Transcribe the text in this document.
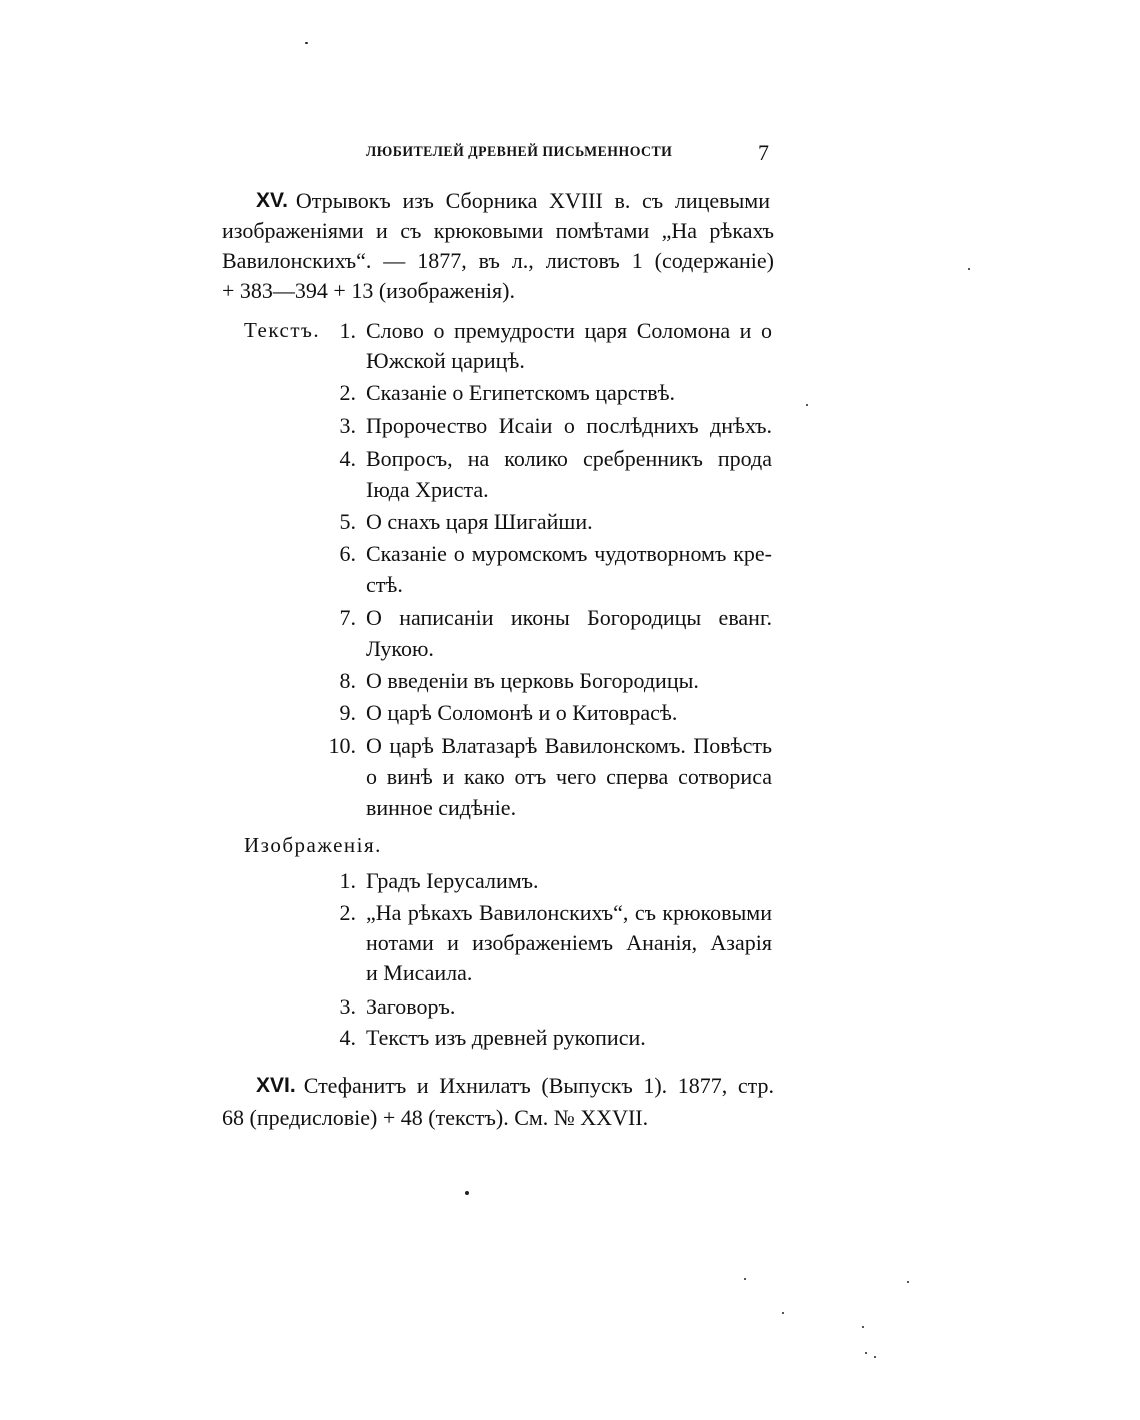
ЛЮБИТЕЛЕЙ ДРЕВНЕЙ ПИСЬМЕННОСТИ	7
XV. Отрывокъ изъ Сборника XVIII в. съ лицевыми
изображеніями и съ крюковыми помѣтами „На рѣкахъ
Вавилонскихъ“. — 1877, въ л., листовъ 1 (содержаніе)
+ 383—394 + 13 (изображенія).
Текстъ. 1. Слово о премудрости царя Соломона и о
Южской царицѣ.
2. Сказаніе о Египетскомъ царствѣ.
3. Пророчество Исаіи о послѣднихъ днѣхъ.
4. Вопросъ, на колико сребренникъ прода
Іюда Христа.
5. О снахъ царя Шигайши.
6. Сказаніе о муромскомъ чудотворномъ кре-
стѣ.
7. О написаніи иконы Богородицы еванг.
Лукою.
8. О введеніи въ церковь Богородицы.
9. О царѣ Соломонѣ и о Китоврасѣ.
10. О царѣ Влатазарѣ Вавилонскомъ. Повѣсть
о винѣ и како отъ чего сперва сотвориса
винное сидѣніе.
Изображенія.
1. Градъ Іерусалимъ.
2. „На рѣкахъ Вавилонскихъ“, съ крюковыми
нотами и изображеніемъ Ананія, Азарія
и Мисаила.
3. Заговоръ.
4. Текстъ изъ древней рукописи.
XVI. Стефанитъ и Ихнилатъ (Выпускъ 1). 1877, стр.
68 (предисловіе) + 48 (текстъ). См. № XXVII.
